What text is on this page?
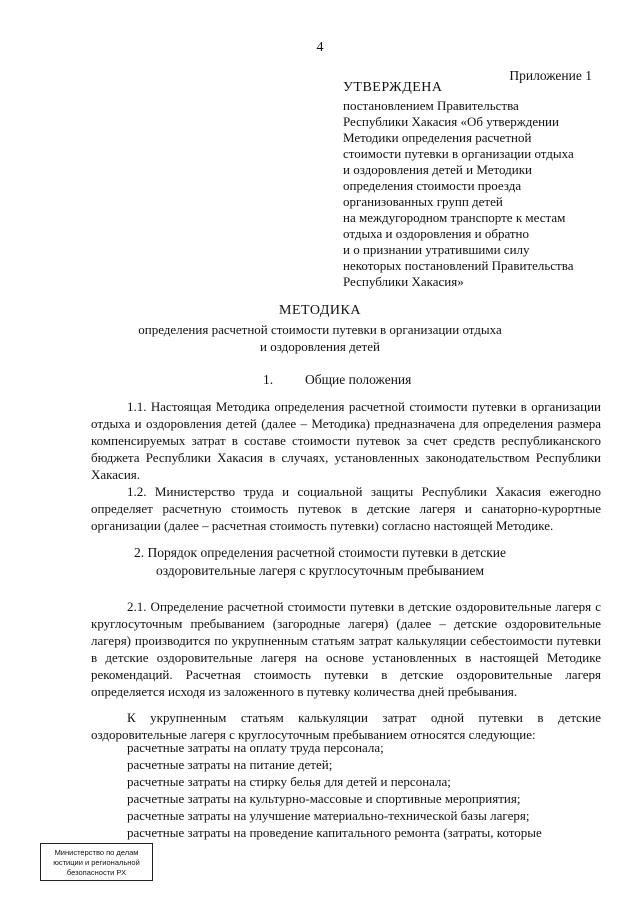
4
Приложение 1
УТВЕРЖДЕНА
постановлением Правительства
Республики Хакасия «Об утверждении
Методики определения расчетной
стоимости путевки в организации отдыха
и оздоровления детей и Методики
определения стоимости проезда
организованных групп детей
на междугородном транспорте к местам
отдыха и оздоровления и обратно
и о признании утратившими силу
некоторых постановлений Правительства
Республики Хакасия»
МЕТОДИКА
определения расчетной стоимости путевки в организации отдыха
и оздоровления детей
1. Общие положения
1.1. Настоящая Методика определения расчетной стоимости путевки в организации отдыха и оздоровления детей (далее – Методика) предназначена для определения размера компенсируемых затрат в составе стоимости путевок за счет средств республиканского бюджета Республики Хакасия в случаях, установленных законодательством Республики Хакасия.
1.2. Министерство труда и социальной защиты Республики Хакасия ежегодно определяет расчетную стоимость путевок в детские лагеря и санаторно-курортные организации (далее – расчетная стоимость путевки) согласно настоящей Методике.
2. Порядок определения расчетной стоимости путевки в детские
оздоровительные лагеря с круглосуточным пребыванием
2.1. Определение расчетной стоимости путевки в детские оздоровительные лагеря с круглосуточным пребыванием (загородные лагеря) (далее – детские оздоровительные лагеря) производится по укрупненным статьям затрат калькуляции себестоимости путевки в детские оздоровительные лагеря на основе установленных в настоящей Методике рекомендаций. Расчетная стоимость путевки в детские оздоровительные лагеря определяется исходя из заложенного в путевку количества дней пребывания.
К укрупненным статьям калькуляции затрат одной путевки в детские оздоровительные лагеря с круглосуточным пребыванием относятся следующие:
расчетные затраты на оплату труда персонала;
расчетные затраты на питание детей;
расчетные затраты на стирку белья для детей и персонала;
расчетные затраты на культурно-массовые и спортивные мероприятия;
расчетные затраты на улучшение материально-технической базы лагеря;
расчетные затраты на проведение капитального ремонта (затраты, которые
Министерство по делам
юстиции и региональной
безопасности РХ
